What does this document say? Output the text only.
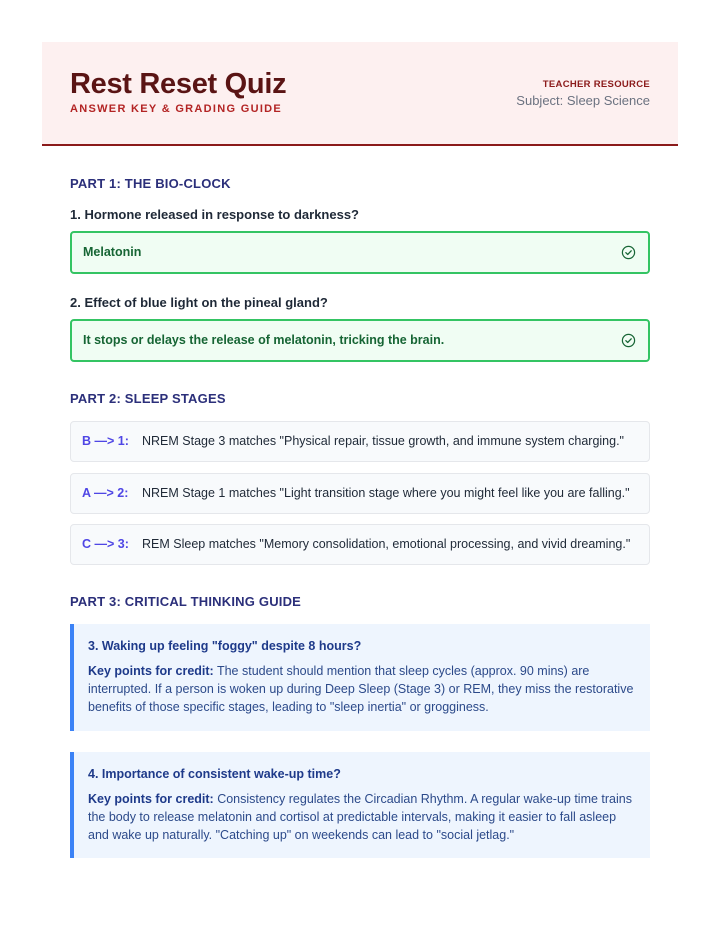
Rest Reset Quiz
ANSWER KEY & GRADING GUIDE
TEACHER RESOURCE
Subject: Sleep Science
PART 1: THE BIO-CLOCK
1. Hormone released in response to darkness?
Melatonin
2. Effect of blue light on the pineal gland?
It stops or delays the release of melatonin, tricking the brain.
PART 2: SLEEP STAGES
B —> 1: NREM Stage 3 matches "Physical repair, tissue growth, and immune system charging."
A —> 2: NREM Stage 1 matches "Light transition stage where you might feel like you are falling."
C —> 3: REM Sleep matches "Memory consolidation, emotional processing, and vivid dreaming."
PART 3: CRITICAL THINKING GUIDE
3. Waking up feeling "foggy" despite 8 hours?
Key points for credit: The student should mention that sleep cycles (approx. 90 mins) are interrupted. If a person is woken up during Deep Sleep (Stage 3) or REM, they miss the restorative benefits of those specific stages, leading to "sleep inertia" or grogginess.
4. Importance of consistent wake-up time?
Key points for credit: Consistency regulates the Circadian Rhythm. A regular wake-up time trains the body to release melatonin and cortisol at predictable intervals, making it easier to fall asleep and wake up naturally. "Catching up" on weekends can lead to "social jetlag."
